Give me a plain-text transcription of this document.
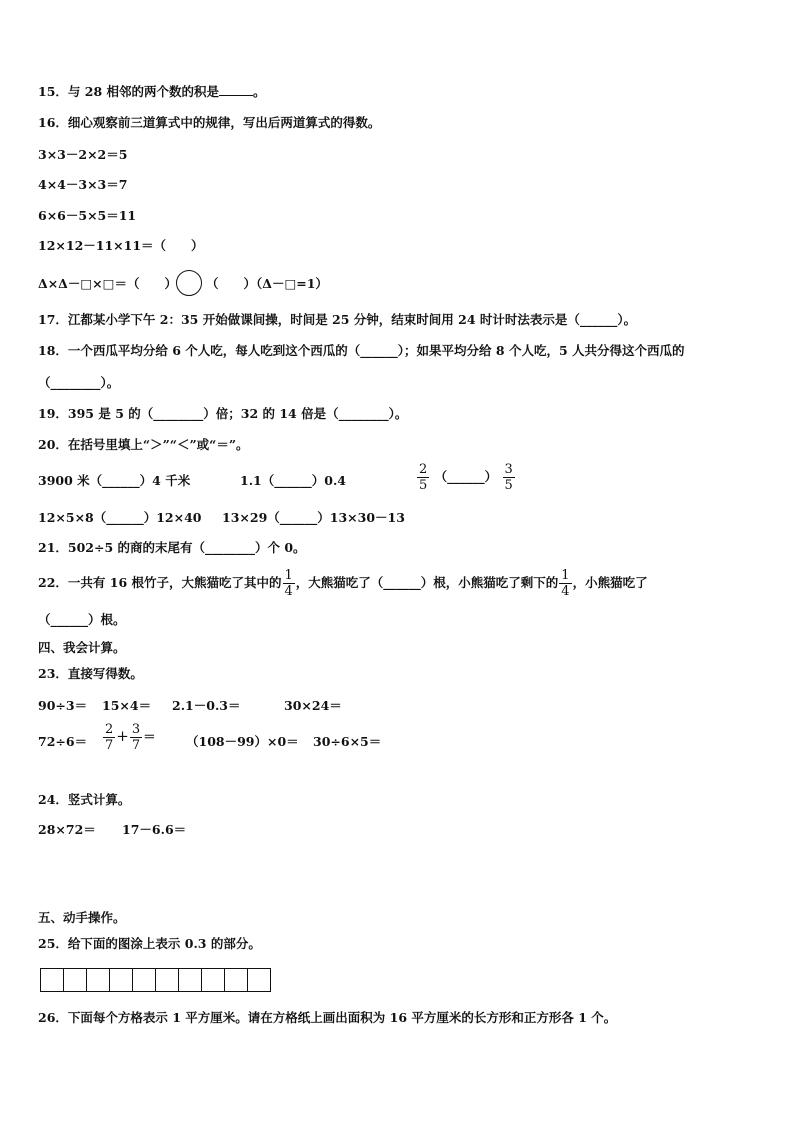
15．与 28 相邻的两个数的积是	。
16．细心观察前三道算式中的规律，写出后两道算式的得数。
3×3－2×2＝5
4×4－3×3＝7
6×6－5×5＝11
12×12－11×11＝（　　）
Δ×Δ－□×□＝（　　） （　　）（Δ－□=1）
17．江都某小学下午 2：35 开始做课间操，时间是 25 分钟，结束时间用 24 时计时法表示是（______）。
18．一个西瓜平均分给 6 个人吃，每人吃到这个西瓜的（______）；如果平均分给 8 个人吃，5 人共分得这个西瓜的
（________）。
19．395 是 5 的（________）倍；32 的 14 倍是（________）。
20．在括号里填上“＞”“＜”或“＝”。
3900 米（______）4 千米	1.1（______）0.4	$\frac{2}{5}$ （______） $\frac{3}{5}$
12×5×8（______）12×40 13×29（______）13×30－13
21．502÷5 的商的末尾有（________）个 0。
22．一共有 16 根竹子，大熊猫吃了其中的 $\frac{1}{4}$ ，大熊猫吃了（______）根，小熊猫吃了剩下的 $\frac{1}{4}$ ，小熊猫吃了
（______）根。
四、我会计算。
23．直接写得数。
90÷3＝ 15×4＝ 2.1－0.3＝	30×24＝
$72\div 6= \frac{2}{7} + \frac{3}{7} = (108-99)\times 0= 30\div 6\times 5=$
24．竖式计算。
28×72＝ 17－6.6＝
五、动手操作。
25．给下面的图涂上表示 0.3 的部分。
26．下面每个方格表示 1 平方厘米。请在方格纸上画出面积为 16 平方厘米的长方形和正方形各 1 个。
